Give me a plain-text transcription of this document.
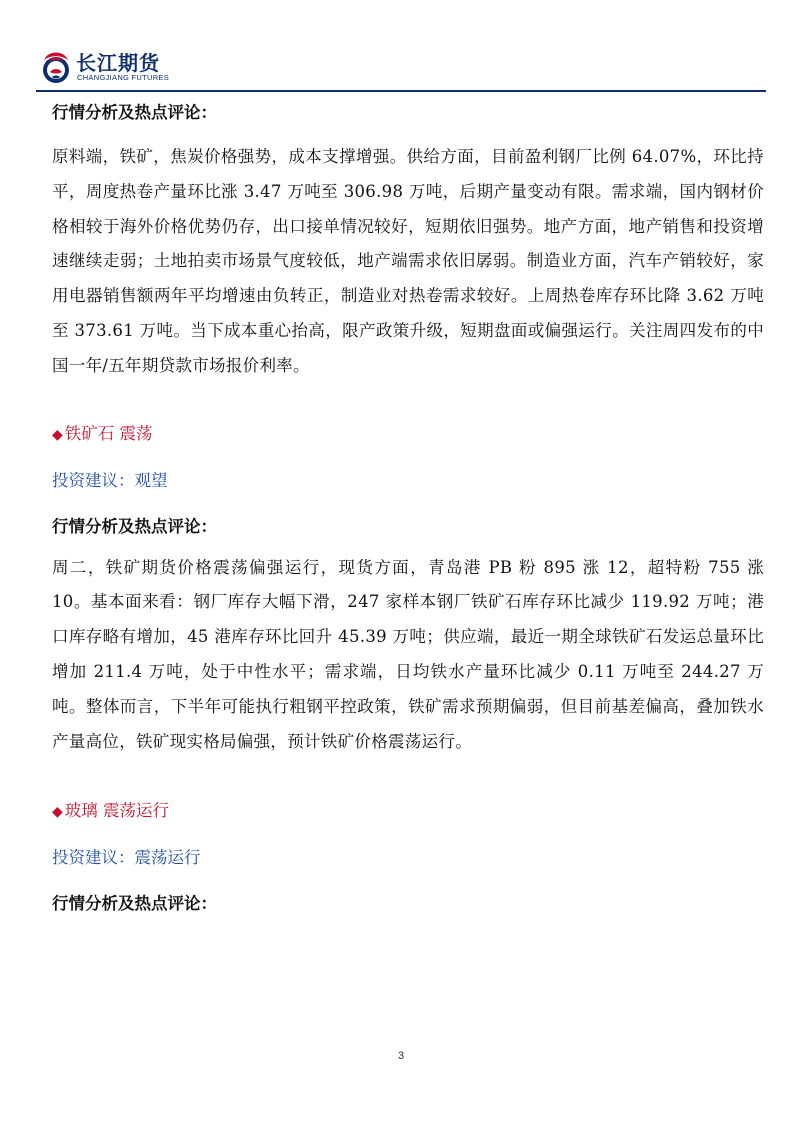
长江期货
CHANGJIANG FUTURES

行情分析及热点评论：

原料端，铁矿，焦炭价格强势，成本支撑增强。供给方面，目前盈利钢厂比例 64.07%，环比持平，周度热卷产量环比涨 3.47 万吨至 306.98 万吨，后期产量变动有限。需求端，国内钢材价格相较于海外价格优势仍存，出口接单情况较好，短期依旧强势。地产方面，地产销售和投资增速继续走弱；土地拍卖市场景气度较低，地产端需求依旧孱弱。制造业方面，汽车产销较好，家用电器销售额两年平均增速由负转正，制造业对热卷需求较好。上周热卷库存环比降 3.62 万吨至 373.61 万吨。当下成本重心抬高，限产政策升级，短期盘面或偏强运行。关注周四发布的中国一年/五年期贷款市场报价利率。

◆ 铁矿石 震荡

投资建议：观望

行情分析及热点评论：

周二，铁矿期货价格震荡偏强运行，现货方面，青岛港 PB 粉 895 涨 12，超特粉 755 涨 10。基本面来看：钢厂库存大幅下滑，247 家样本钢厂铁矿石库存环比减少 119.92 万吨；港口库存略有增加，45 港库存环比回升 45.39 万吨；供应端，最近一期全球铁矿石发运总量环比增加 211.4 万吨，处于中性水平；需求端，日均铁水产量环比减少 0.11 万吨至 244.27 万吨。整体而言，下半年可能执行粗钢平控政策，铁矿需求预期偏弱，但目前基差偏高，叠加铁水产量高位，铁矿现实格局偏强，预计铁矿价格震荡运行。

◆ 玻璃 震荡运行

投资建议：震荡运行

行情分析及热点评论：

3
